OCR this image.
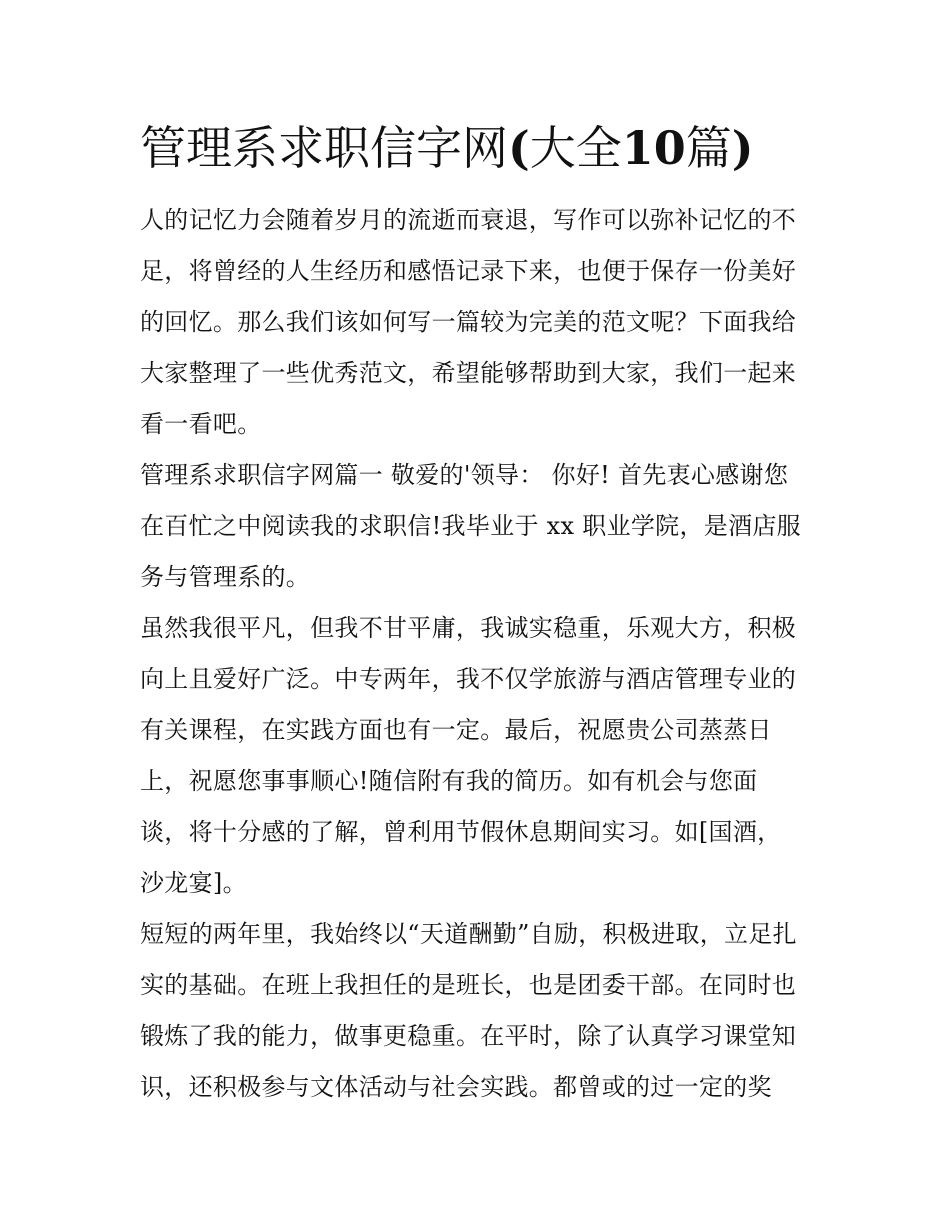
管理系求职信字网(大全10篇)
人的记忆力会随着岁月的流逝而衰退，写作可以弥补记忆的不
足，将曾经的人生经历和感悟记录下来，也便于保存一份美好
的回忆。那么我们该如何写一篇较为完美的范文呢？下面我给
大家整理了一些优秀范文，希望能够帮助到大家，我们一起来
看一看吧。
管理系求职信字网篇一 敬爱的'领导： 你好! 首先衷心感谢您
在百忙之中阅读我的求职信!我毕业于 xx 职业学院，是酒店服
务与管理系的。
虽然我很平凡，但我不甘平庸，我诚实稳重，乐观大方，积极
向上且爱好广泛。中专两年，我不仅学旅游与酒店管理专业的
有关课程，在实践方面也有一定。最后，祝愿贵公司蒸蒸日
上，祝愿您事事顺心!随信附有我的简历。如有机会与您面
谈，将十分感的了解，曾利用节假休息期间实习。如[国酒，
沙龙宴]。
短短的两年里，我始终以“天道酬勤”自励，积极进取，立足扎
实的基础。在班上我担任的是班长，也是团委干部。在同时也
锻炼了我的能力，做事更稳重。在平时，除了认真学习课堂知
识，还积极参与文体活动与社会实践。都曾或的过一定的奖
